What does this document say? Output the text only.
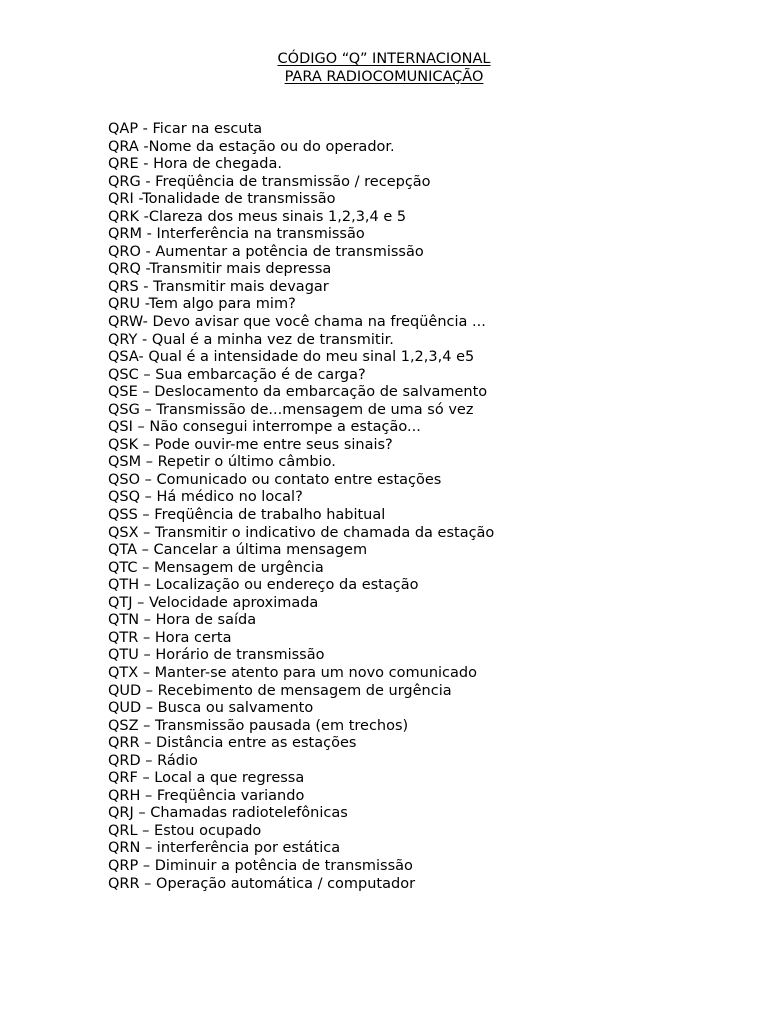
CÓDIGO “Q” INTERNACIONAL
PARA RADIOCOMUNICAÇÃO
QAP - Ficar na escuta
QRA -Nome da estação ou do operador.
QRE - Hora de chegada.
QRG - Freqüência de transmissão / recepção
QRI -Tonalidade de transmissão
QRK -Clareza dos meus sinais 1,2,3,4 e 5
QRM - Interferência na transmissão
QRO - Aumentar a potência de transmissão
QRQ -Transmitir mais depressa
QRS - Transmitir mais devagar
QRU -Tem algo para mim?
QRW- Devo avisar que você chama na freqüência ...
QRY - Qual é a minha vez de transmitir.
QSA- Qual é a intensidade do meu sinal 1,2,3,4 e5
QSC – Sua embarcação é de carga?
QSE – Deslocamento da embarcação de salvamento
QSG – Transmissão de...mensagem de uma só vez
QSI – Não consegui interrompe a estação...
QSK – Pode ouvir-me entre seus sinais?
QSM – Repetir o último câmbio.
QSO – Comunicado ou contato entre estações
QSQ – Há médico no local?
QSS – Freqüência de trabalho habitual
QSX – Transmitir o indicativo de chamada da estação
QTA – Cancelar a última mensagem
QTC – Mensagem de urgência
QTH – Localização ou endereço da estação
QTJ – Velocidade aproximada
QTN – Hora de saída
QTR – Hora certa
QTU – Horário de transmissão
QTX – Manter-se atento para um novo comunicado
QUD – Recebimento de mensagem de urgência
QUD – Busca ou salvamento
QSZ – Transmissão pausada (em trechos)
QRR – Distância entre as estações
QRD – Rádio
QRF – Local a que regressa
QRH – Freqüência variando
QRJ – Chamadas radiotelefônicas
QRL – Estou ocupado
QRN – interferência por estática
QRP – Diminuir a potência de transmissão
QRR – Operação automática / computador
